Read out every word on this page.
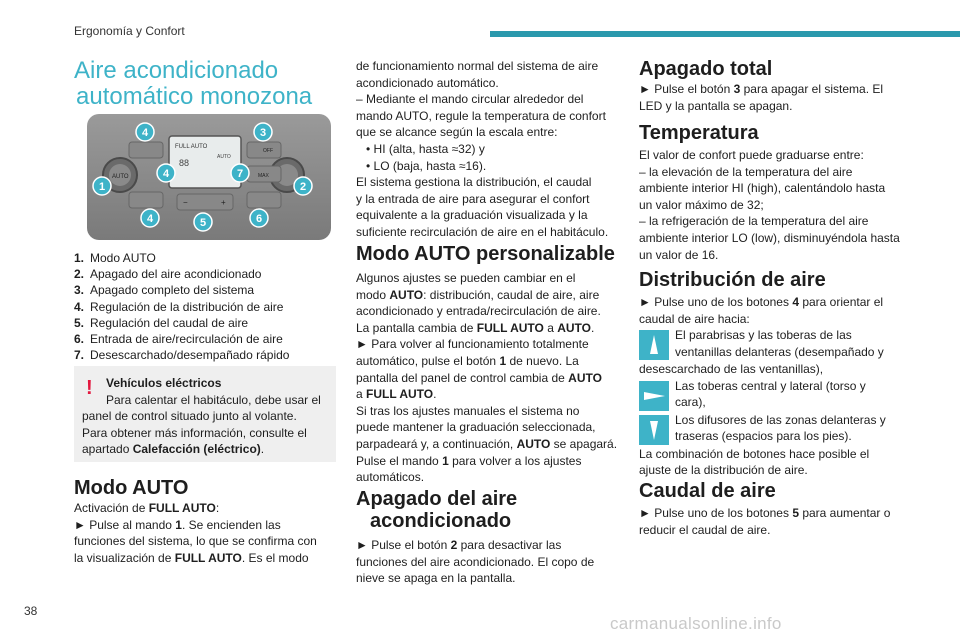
Ergonomía y Confort
Aire acondicionado
automático monozona
FULL AUTO
88
AUTO
AUTO
OFF
MAX
−	+
4	3
4	7
1	2
4	5	6
1. Modo AUTO
2. Apagado del aire acondicionado
3. Apagado completo del sistema
4. Regulación de la distribución de aire
5. Regulación del caudal de aire
6. Entrada de aire/recirculación de aire
7. Desescarchado/desempañado rápido
!	Vehículos eléctricos
Para calentar el habitáculo, debe usar el
panel de control situado junto al volante.
Para obtener más información, consulte el
apartado Calefacción (eléctrico).
Modo AUTO
Activación de FULL AUTO:
► Pulse al mando 1. Se encienden las
funciones del sistema, lo que se confirma con
la visualización de FULL AUTO. Es el modo
de funcionamiento normal del sistema de aire
acondicionado automático.
– Mediante el mando circular alrededor del
mando AUTO, regule la temperatura de confort
que se alcance según la escala entre:
• HI (alta, hasta ≈32) y
• LO (baja, hasta ≈16).
El sistema gestiona la distribución, el caudal
y la entrada de aire para asegurar el confort
equivalente a la graduación visualizada y la
suficiente recirculación de aire en el habitáculo.
Modo AUTO personalizable
Algunos ajustes se pueden cambiar en el
modo AUTO: distribución, caudal de aire, aire
acondicionado y entrada/recirculación de aire.
La pantalla cambia de FULL AUTO a AUTO.
► Para volver al funcionamiento totalmente
automático, pulse el botón 1 de nuevo. La
pantalla del panel de control cambia de AUTO
a FULL AUTO.
Si tras los ajustes manuales el sistema no
puede mantener la graduación seleccionada,
parpadeará y, a continuación, AUTO se apagará.
Pulse el mando 1 para volver a los ajustes
automáticos.
Apagado del aire
acondicionado
► Pulse el botón 2 para desactivar las
funciones del aire acondicionado. El copo de
nieve se apaga en la pantalla.
Apagado total
► Pulse el botón 3 para apagar el sistema. El
LED y la pantalla se apagan.
Temperatura
El valor de confort puede graduarse entre:
– la elevación de la temperatura del aire
ambiente interior HI (high), calentándolo hasta
un valor máximo de 32;
– la refrigeración de la temperatura del aire
ambiente interior LO (low), disminuyéndola hasta
un valor de 16.
Distribución de aire
► Pulse uno de los botones 4 para orientar el
caudal de aire hacia:
El parabrisas y las toberas de las
ventanillas delanteras (desempañado y
desescarchado de las ventanillas),
Las toberas central y lateral (torso y
cara),
Los difusores de las zonas delanteras y
traseras (espacios para los pies).
La combinación de botones hace posible el
ajuste de la distribución de aire.
Caudal de aire
► Pulse uno de los botones 5 para aumentar o
reducir el caudal de aire.
38
carmanualsonline.info
